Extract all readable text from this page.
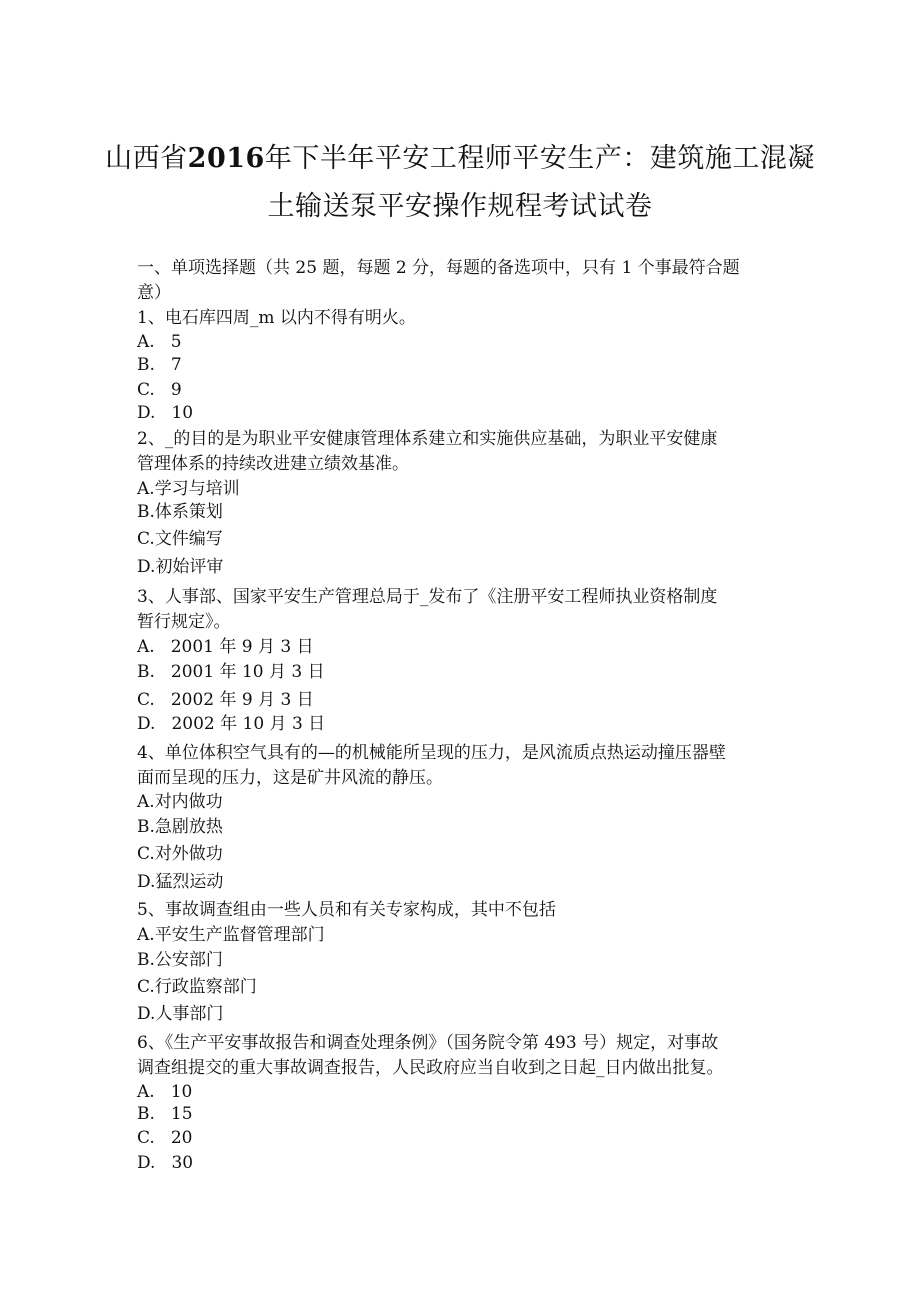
山西省2016年下半年平安工程师平安生产：建筑施工混凝
土输送泵平安操作规程考试试卷
一、单项选择题（共 25 题，每题 2 分，每题的备选项中，只有 1 个事最符合题
意）
1、电石库四周_m 以内不得有明火。
A. 5
B. 7
C. 9
D. 10
2、_的目的是为职业平安健康管理体系建立和实施供应基础，为职业平安健康
管理体系的持续改进建立绩效基准。
A.学习与培训
B.体系策划
C.文件编写
D.初始评审
3、人事部、国家平安生产管理总局于_发布了《注册平安工程师执业资格制度
暂行规定》。
A. 2001 年 9 月 3 日
B. 2001 年 10 月 3 日
C. 2002 年 9 月 3 日
D. 2002 年 10 月 3 日
4、单位体积空气具有的—的机械能所呈现的压力，是风流质点热运动撞压器壁
面而呈现的压力，这是矿井风流的静压。
A.对内做功
B.急剧放热
C.对外做功
D.猛烈运动
5、事故调查组由一些人员和有关专家构成，其中不包括
A.平安生产监督管理部门
B.公安部门
C.行政监察部门
D.人事部门
6、《生产平安事故报告和调查处理条例》（国务院令第 493 号）规定，对事故
调查组提交的重大事故调查报告，人民政府应当自收到之日起_日内做出批复。
A. 10
B. 15
C. 20
D. 30
